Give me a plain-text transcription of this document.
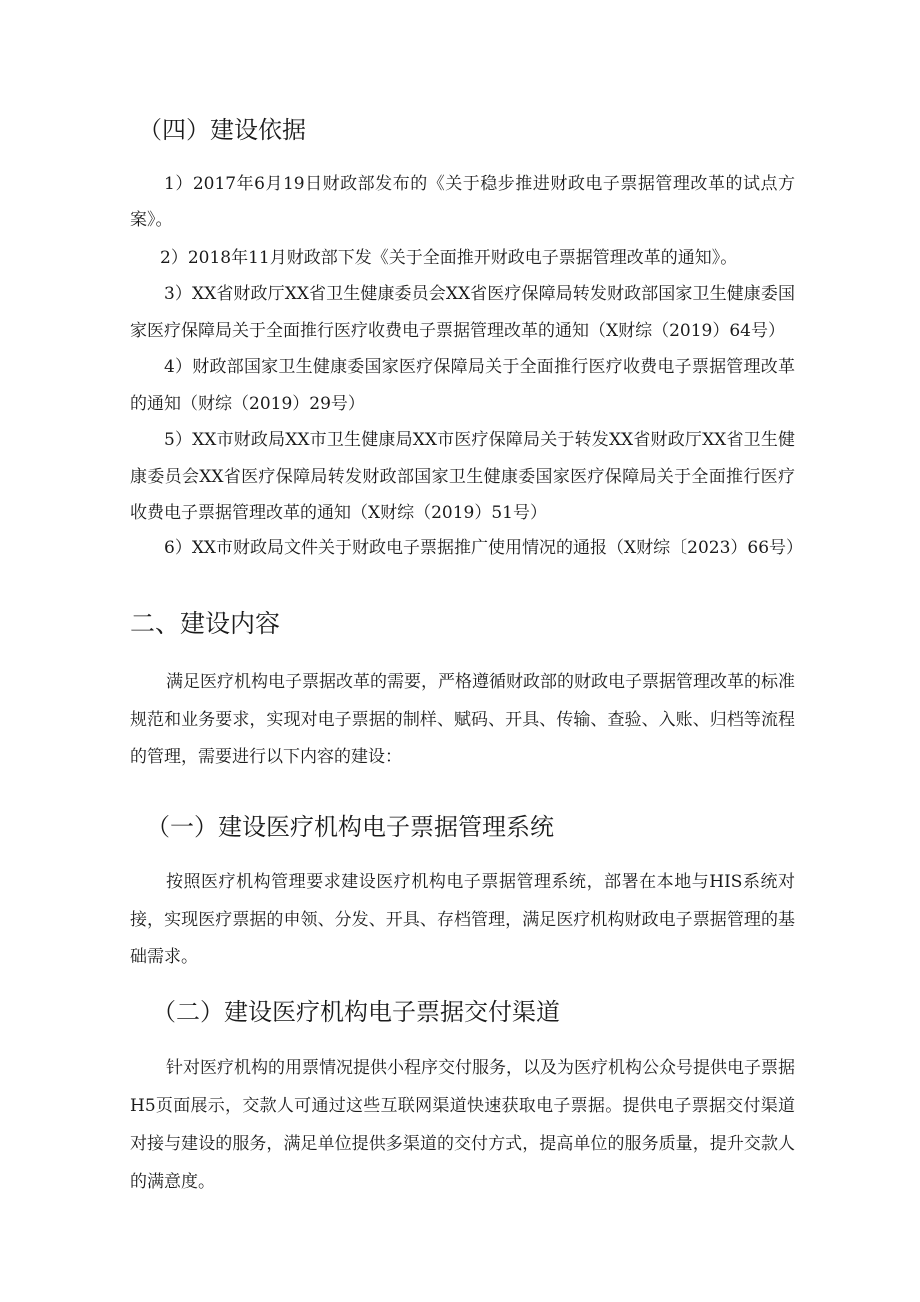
（四）建设依据

1）2017年6月19日财政部发布的《关于稳步推进财政电子票据管理改革的试点方案》。

2）2018年11月财政部下发《关于全面推开财政电子票据管理改革的通知》。

3）XX省财政厅XX省卫生健康委员会XX省医疗保障局转发财政部国家卫生健康委国家医疗保障局关于全面推行医疗收费电子票据管理改革的通知（X财综（2019）64号）

4）财政部国家卫生健康委国家医疗保障局关于全面推行医疗收费电子票据管理改革的通知（财综（2019）29号）

5）XX市财政局XX市卫生健康局XX市医疗保障局关于转发XX省财政厅XX省卫生健康委员会XX省医疗保障局转发财政部国家卫生健康委国家医疗保障局关于全面推行医疗收费电子票据管理改革的通知（X财综（2019）51号）

6）XX市财政局文件关于财政电子票据推广使用情况的通报（X财综〔2023）66号）

二、建设内容

满足医疗机构电子票据改革的需要，严格遵循财政部的财政电子票据管理改革的标准规范和业务要求，实现对电子票据的制样、赋码、开具、传输、查验、入账、归档等流程的管理，需要进行以下内容的建设：

（一）建设医疗机构电子票据管理系统

按照医疗机构管理要求建设医疗机构电子票据管理系统，部署在本地与HIS系统对接，实现医疗票据的申领、分发、开具、存档管理，满足医疗机构财政电子票据管理的基础需求。

（二）建设医疗机构电子票据交付渠道

针对医疗机构的用票情况提供小程序交付服务，以及为医疗机构公众号提供电子票据H5页面展示，交款人可通过这些互联网渠道快速获取电子票据。提供电子票据交付渠道对接与建设的服务，满足单位提供多渠道的交付方式，提高单位的服务质量，提升交款人的满意度。
